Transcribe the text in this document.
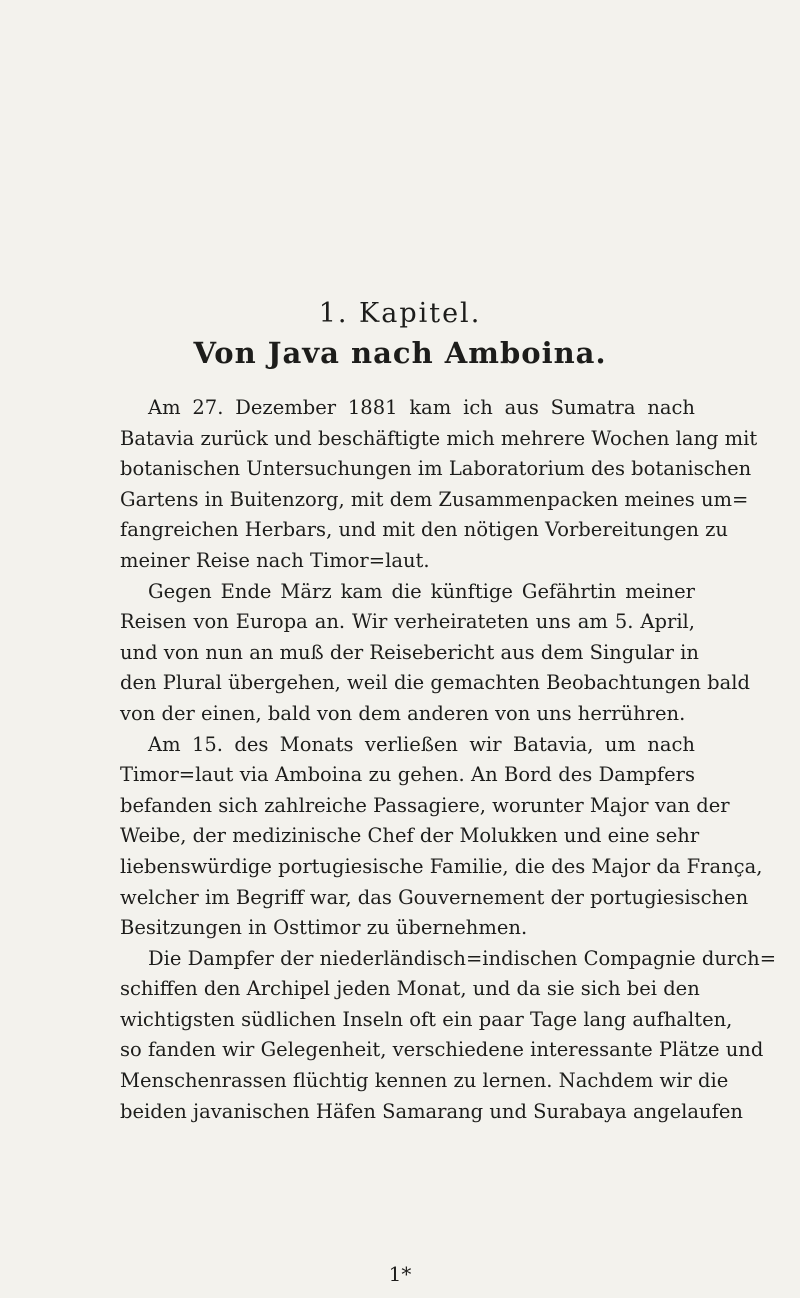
1. Kapitel.
Von Java nach Amboina.
Am 27. Dezember 1881 kam ich aus Sumatra nach
Batavia zurück und beschäftigte mich mehrere Wochen lang mit
botanischen Untersuchungen im Laboratorium des botanischen
Gartens in Buitenzorg, mit dem Zusammenpacken meines um=
fangreichen Herbars, und mit den nötigen Vorbereitungen zu
meiner Reise nach Timor=laut.
Gegen Ende März kam die künftige Gefährtin meiner
Reisen von Europa an. Wir verheirateten uns am 5. April,
und von nun an muß der Reisebericht aus dem Singular in
den Plural übergehen, weil die gemachten Beobachtungen bald
von der einen, bald von dem anderen von uns herrühren.
Am 15. des Monats verließen wir Batavia, um nach
Timor=laut via Amboina zu gehen. An Bord des Dampfers
befanden sich zahlreiche Passagiere, worunter Major van der
Weibe, der medizinische Chef der Molukken und eine sehr
liebenswürdige portugiesische Familie, die des Major da França,
welcher im Begriff war, das Gouvernement der portugiesischen
Besitzungen in Osttimor zu übernehmen.
Die Dampfer der niederländisch=indischen Compagnie durch=
schiffen den Archipel jeden Monat, und da sie sich bei den
wichtigsten südlichen Inseln oft ein paar Tage lang aufhalten,
so fanden wir Gelegenheit, verschiedene interessante Plätze und
Menschenrassen flüchtig kennen zu lernen. Nachdem wir die
beiden javanischen Häfen Samarang und Surabaya angelaufen
1*
